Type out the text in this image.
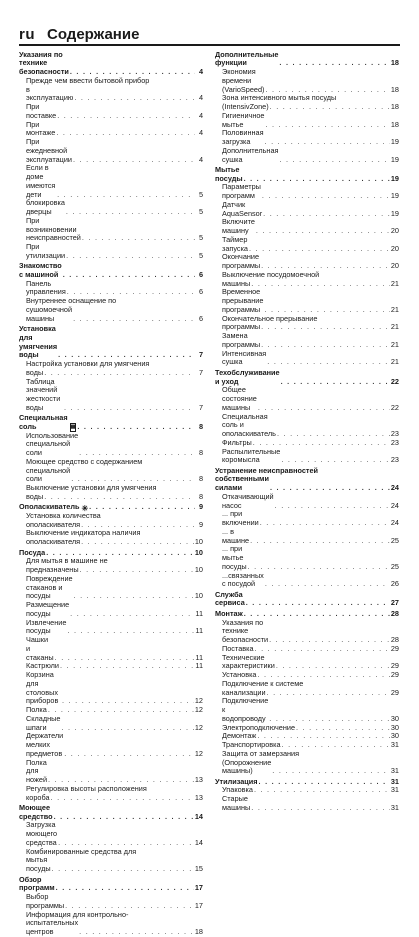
ru Содержание
Указания по технике безопасности . . .	4
Прежде чем ввести бытовой прибор
в эксплуатацию . . .	4
При поставке . . .	4
При монтаже . . .	4
При ежедневной эксплуатации . . .	4
Если в доме имеются дети . . .	5
блокировка дверцы . . .	5
При возникновении неисправностей . . .	5
При утилизации . . .	5
Знакомство с машиной . . .	6
Панель управления . . .	6
Внутреннее оснащение по
сушомоечной машины . . .	6
Установка для умягчения воды . . .	7
Настройка установки для умягчения
воды . . .	7
Таблица значений жесткости воды . . .	7
Специальная соль	▦ . . .	8
Использование специальной соли . . .	8
Моющее средство с содержанием
специальной соли . . .	8
Выключение установки для умягчения
воды . . .	8
Ополаскиватель ✳ . . .	9
Установка количества
ополаскивателя . . .	9
Выключение индикатора наличия
ополаскивателя . . .	10
Посуда . . .	10
Для мытья в машине не
предназначены . . .	10
Повреждение стаканов и посуды . . .	10
Размещение посуды . . .	11
Извлечение посуды . . .	11
Чашки и стаканы . . .	11
Кастрюли . . .	11
Корзина для столовых приборов . . .	12
Полка . . .	12
Складные шпаги . . .	12
Держатели мелких предметов . . .	12
Полка для ножей . . .	13
Регулировка высоты расположения
короба . . .	13
Моющее средство . . .	14
Загрузка моющего средства . . .	14
Комбинированные средства для
мытья посуды . . .	15
Обзор программ . . .	17
Выбор программы . . .	17
Информация для контрольно-
испытательных центров . . .	18
Дополнительные функции . . .	18
Экономия времени (VarioSpeed) . . .	18
Зона интенсивного мытья посуды
(IntensivZone) . . .	18
Гигиеничное мытье . . .	18
Половинная загрузка . . .	19
Дополнительная сушка . . .	19
Мытье посуды . . .	19
Параметры программ . . .	19
Датчик AquaSensor . . .	19
Включите машину . . .	20
Таймер запуска . . .	20
Окончание программы . . .	20
Выключение посудомоечной
машины . . .	21
Временное прерывание программы . . .	21
Окончательное прерывание
программы . . .	21
Замена программы . . .	21
Интенсивная сушка . . .	21
Техобслуживание и уход . . .	22
Общее состояние машины . . .	22
Специальная соль и ополаскиватель . . .	23
Фильтры . . .	23
Распылительные коромысла . . .	23
Устранение неисправностей
собственными силами . . .	24
Откачивающий насос . . .	24
... при включении . . .	24
... в машине . . .	25
... при мытье посуды . . .	25
...связанных с посудой . . .	26
Служба сервиса . . .	27
Монтаж . . .	28
Указания по технике безопасности . . .	28
Поставка . . .	29
Технические характеристики . . .	29
Установка . . .	29
Подключение к системе
канализации . . .	29
Подключение к водопроводу . . .	30
Электроподключение . . .	30
Демонтаж . . .	30
Транспортировка . . .	31
Защита от замерзания
(Опорожнение машины) . . .	31
Утилизация . . .	31
Упаковка . . .	31
Старые машины . . .	31
